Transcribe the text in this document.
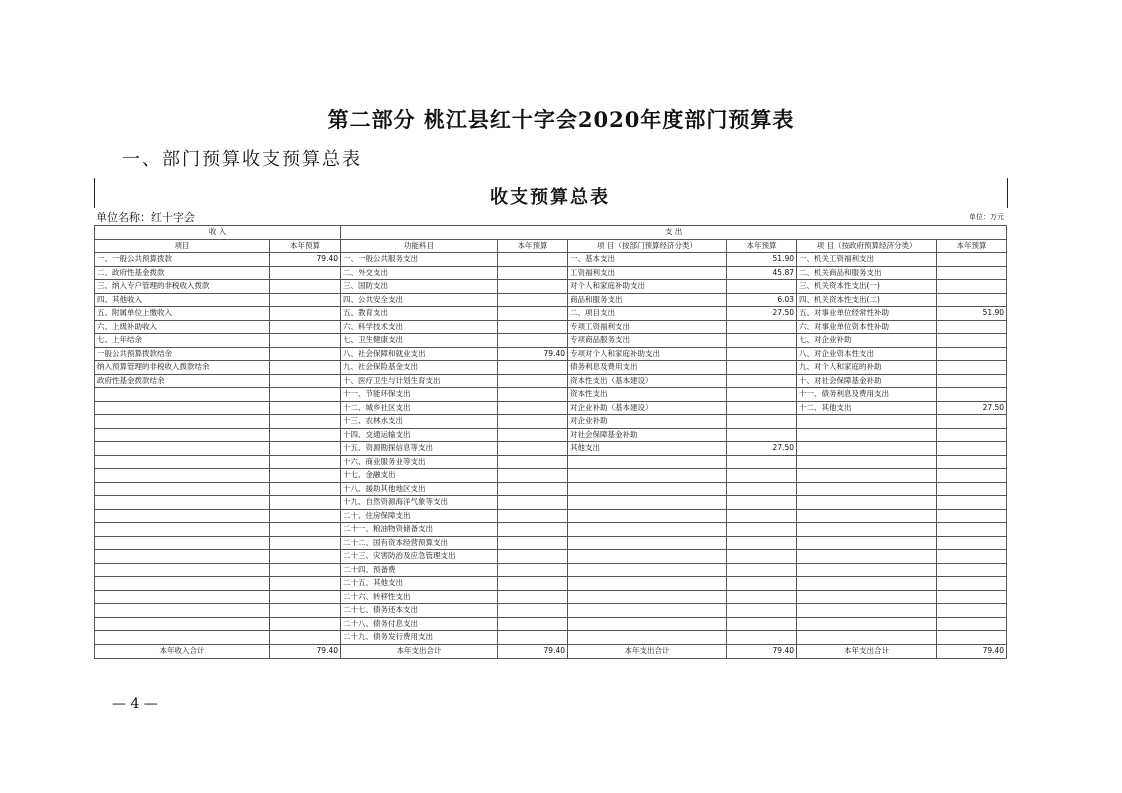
第二部分 桃江县红十字会2020年度部门预算表
一、部门预算收支预算总表
收支预算总表
单位名称：红十字会	单位：万元
收 入		支 出					
项目	本年预算	功能科目	本年预算	项 目（按部门预算经济分类）	本年预算	项 目（按政府预算经济分类）	本年预算
一、一般公共预算拨款	79.40	一、一般公共服务支出		一、基本支出	51.90	一、机关工资福利支出	
二、政府性基金拨款		二、外交支出		工资福利支出	45.87	二、机关商品和服务支出	
三、纳入专户管理的非税收入拨款		三、国防支出		对个人和家庭补助支出		三、机关资本性支出(一)	
四、其他收入		四、公共安全支出		商品和服务支出	6.03	四、机关资本性支出(二)	
五、附属单位上缴收入		五、教育支出		二、项目支出	27.50	五、对事业单位经常性补助	51.90
六、上级补助收入		六、科学技术支出		专项工资福利支出		六、对事业单位资本性补助	
七、上年结余		七、卫生健康支出		专项商品服务支出		七、对企业补助	
一般公共预算拨款结余		八、社会保障和就业支出	79.40	专项对个人和家庭补助支出		八、对企业资本性支出	
纳入预算管理的非税收入拨款结余		九、社会保险基金支出		债务利息及费用支出		九、对个人和家庭的补助	
政府性基金拨款结余		十、医疗卫生与计划生育支出		资本性支出（基本建设）		十、对社会保障基金补助	
		十一、节能环保支出		资本性支出		十一、债务利息及费用支出	
		十二、城乡社区支出		对企业补助（基本建设）		十二、其他支出	27.50
		十三、农林水支出		对企业补助			
		十四、交通运输支出		对社会保障基金补助			
		十五、资源勘探信息等支出		其他支出	27.50		
		十六、商业服务业等支出					
		十七、金融支出					
		十八、援助其他地区支出					
		十九、自然资源海洋气象等支出					
		二十、住房保障支出					
		二十一、粮油物资储备支出					
		二十二、国有资本经营预算支出					
		二十三、灾害防治及应急管理支出					
		二十四、预备费					
		二十五、其他支出					
		二十六、转移性支出					
		二十七、债务还本支出					
		二十八、债务付息支出					
		二十九、债务发行费用支出					
本年收入合计	79.40	本年支出合计	79.40	本年支出合计	79.40	本年支出合计	79.40
— 4 —
